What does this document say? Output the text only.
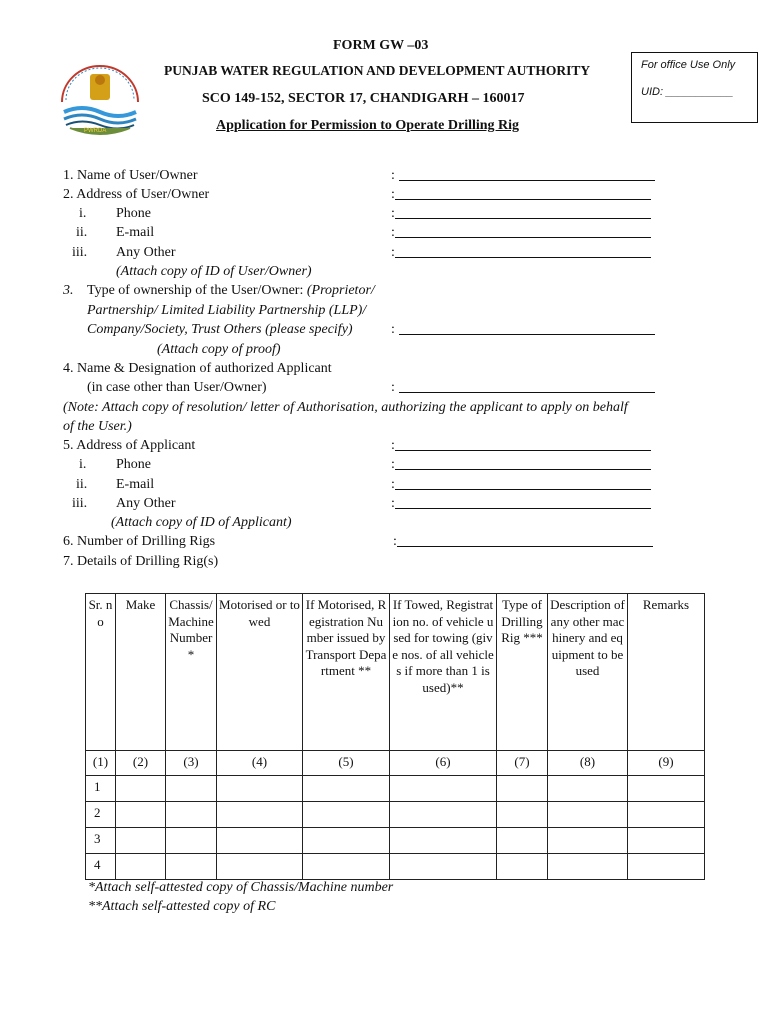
PWRDA
FORM GW –03
PUNJAB WATER REGULATION AND DEVELOPMENT AUTHORITY
SCO 149-152, SECTOR 17, CHANDIGARH – 160017
Application for Permission to Operate Drilling Rig
For office Use Only
UID: ___________
1. Name of User/Owner	:
2. Address of User/Owner	:
i. Phone	:
ii. E-mail	:
iii. Any Other	:
(Attach copy of ID of User/Owner)
3. Type of ownership of the User/Owner: (Proprietor/
Partnership/ Limited Liability Partnership (LLP)/
Company/Society, Trust Others (please specify)	:
(Attach copy of proof)
4. Name & Designation of authorized Applicant
(in case other than User/Owner)	:
(Note: Attach copy of resolution/ letter of Authorisation, authorizing the applicant to apply on behalf
of the User.)
5. Address of Applicant	:
i. Phone	:
ii. E-mail	:
iii. Any Other	:
(Attach copy of ID of Applicant)
6. Number of Drilling Rigs	:
7. Details of Drilling Rig(s)
Sr. no	Make	Chassis/Machine Number*	Motorised or towed	If Motorised, Registration Number issued by Transport Department **	If Towed, Registration no. of vehicle used for towing (give nos. of all vehicles if more than 1 is used)**	Type of Drilling Rig ***	Description of any other machinery and equipment to be used	Remarks
(1)	(2)	(3)	(4)	(5)	(6)	(7)	(8)	(9)
1								
2								
3								
4								
*Attach self-attested copy of Chassis/Machine number
**Attach self-attested copy of RC
